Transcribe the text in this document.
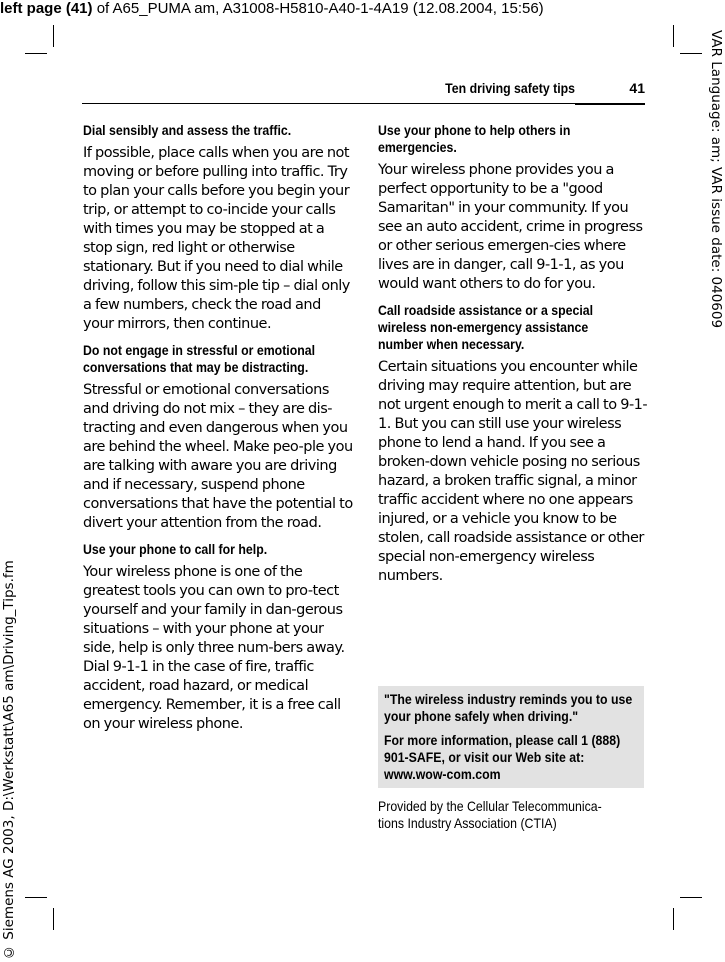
left page (41) of A65_PUMA am, A31008-H5810-A40-1-4A19 (12.08.2004, 15:56)
VAR Language: am; VAR issue date: 040609
© Siemens AG 2003, D:\Werkstatt\A65 am\Driving_Tips.fm
Ten driving safety tips	41
Dial sensibly and assess the traffic.
If possible, place calls when you are not moving or before pulling into traffic. Try to plan your calls before you begin your trip, or attempt to co-incide your calls with times you may be stopped at a stop sign, red light or otherwise stationary. But if you need to dial while driving, follow this sim-ple tip – dial only a few numbers, check the road and your mirrors, then continue.
Do not engage in stressful or emotional conversations that may be distracting.
Stressful or emotional conversations and driving do not mix – they are dis-tracting and even dangerous when you are behind the wheel. Make peo-ple you are talking with aware you are driving and if necessary, suspend phone conversations that have the potential to divert your attention from the road.
Use your phone to call for help.
Your wireless phone is one of the greatest tools you can own to pro-tect yourself and your family in dan-gerous situations – with your phone at your side, help is only three num-bers away. Dial 9-1-1 in the case of fire, traffic accident, road hazard, or medical emergency. Remember, it is a free call on your wireless phone.
Use your phone to help others in emergencies.
Your wireless phone provides you a perfect opportunity to be a "good Samaritan" in your community. If you see an auto accident, crime in progress or other serious emergen-cies where lives are in danger, call 9-1-1, as you would want others to do for you.
Call roadside assistance or a special wireless non-emergency assistance number when necessary.
Certain situations you encounter while driving may require attention, but are not urgent enough to merit a call to 9-1-1. But you can still use your wireless phone to lend a hand. If you see a broken-down vehicle posing no serious hazard, a broken traffic signal, a minor traffic accident where no one appears injured, or a vehicle you know to be stolen, call roadside assistance or other special non-emergency wireless numbers.
"The wireless industry reminds you to use your phone safely when driving."
For more information, please call 1 (888) 901-SAFE, or visit our Web site at: www.wow-com.com
Provided by the Cellular Telecommunica-tions Industry Association (CTIA)
